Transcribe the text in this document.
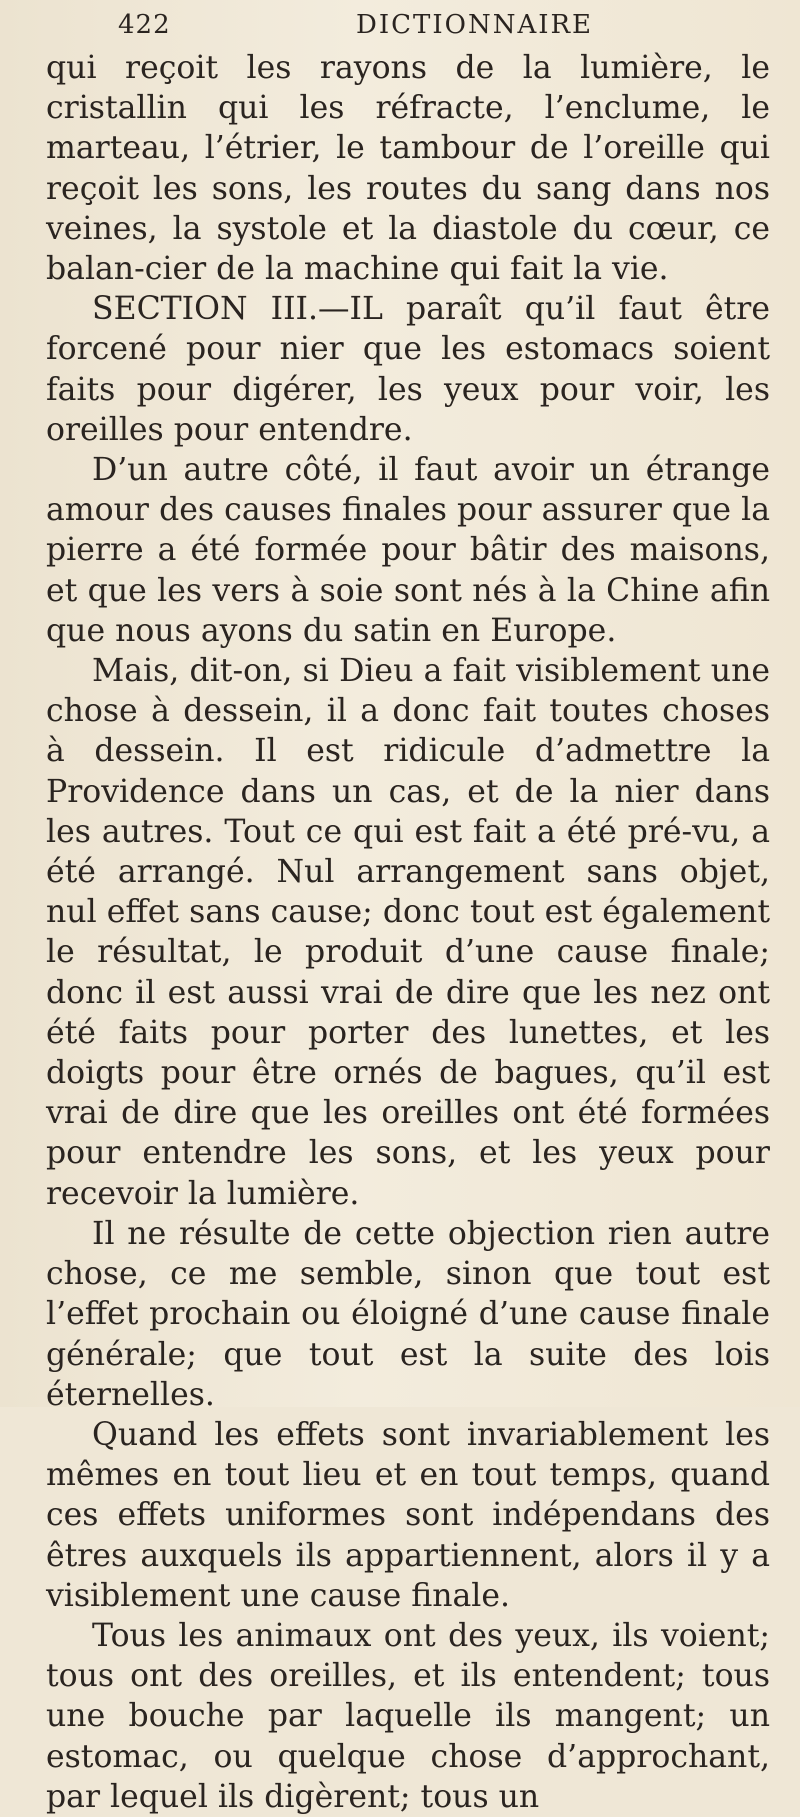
422	DICTIONNAIRE

qui reçoit les rayons de la lumière, le cristallin qui les réfracte, l’enclume, le marteau, l’étrier, le tambour de l’oreille qui reçoit les sons, les routes du sang dans nos veines, la systole et la diastole du cœur, ce balan-cier de la machine qui fait la vie.

SECTION III.—IL paraît qu’il faut être forcené pour nier que les estomacs soient faits pour digérer, les yeux pour voir, les oreilles pour entendre.

D’un autre côté, il faut avoir un étrange amour des causes finales pour assurer que la pierre a été formée pour bâtir des maisons, et que les vers à soie sont nés à la Chine afin que nous ayons du satin en Europe.

Mais, dit-on, si Dieu a fait visiblement une chose à dessein, il a donc fait toutes choses à dessein. Il est ridicule d’admettre la Providence dans un cas, et de la nier dans les autres. Tout ce qui est fait a été pré-vu, a été arrangé. Nul arrangement sans objet, nul effet sans cause; donc tout est également le résultat, le produit d’une cause finale; donc il est aussi vrai de dire que les nez ont été faits pour porter des lunettes, et les doigts pour être ornés de bagues, qu’il est vrai de dire que les oreilles ont été formées pour entendre les sons, et les yeux pour recevoir la lumière.

Il ne résulte de cette objection rien autre chose, ce me semble, sinon que tout est l’effet prochain ou éloigné d’une cause finale générale; que tout est la suite des lois éternelles.

Quand les effets sont invariablement les mêmes en tout lieu et en tout temps, quand ces effets uniformes sont indépendans des êtres auxquels ils appartiennent, alors il y a visiblement une cause finale.

Tous les animaux ont des yeux, ils voient; tous ont des oreilles, et ils entendent; tous une bouche par laquelle ils mangent; un estomac, ou quelque chose d’approchant, par lequel ils digèrent; tous un
